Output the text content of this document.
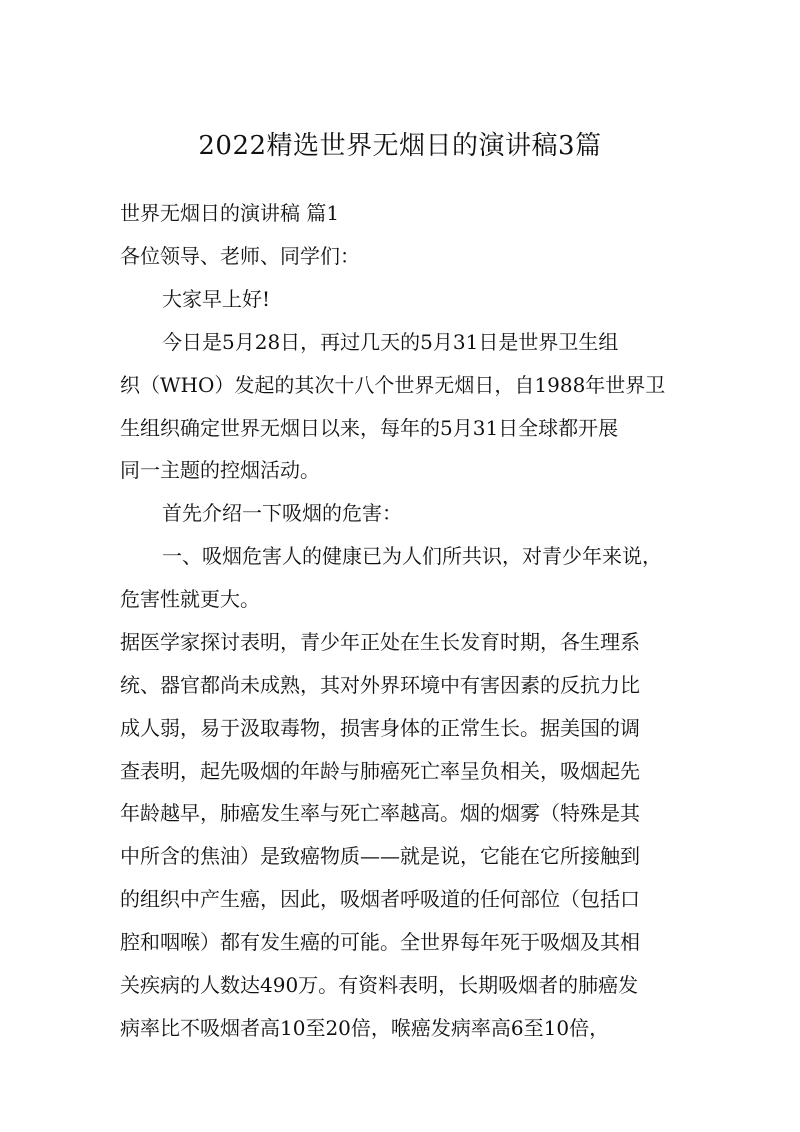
2022精选世界无烟日的演讲稿3篇
世界无烟日的演讲稿 篇1
各位领导、老师、同学们：
大家早上好!
今日是5月28日，再过几天的5月31日是世界卫生组
织（WHO）发起的其次十八个世界无烟日，自1988年世界卫
生组织确定世界无烟日以来，每年的5月31日全球都开展
同一主题的控烟活动。
首先介绍一下吸烟的危害：
一、吸烟危害人的健康已为人们所共识，对青少年来说，
危害性就更大。
据医学家探讨表明，青少年正处在生长发育时期，各生理系
统、器官都尚未成熟，其对外界环境中有害因素的反抗力比
成人弱，易于汲取毒物，损害身体的正常生长。据美国的调
查表明，起先吸烟的年龄与肺癌死亡率呈负相关，吸烟起先
年龄越早，肺癌发生率与死亡率越高。烟的烟雾（特殊是其
中所含的焦油）是致癌物质——就是说，它能在它所接触到
的组织中产生癌，因此，吸烟者呼吸道的任何部位（包括口
腔和咽喉）都有发生癌的可能。全世界每年死于吸烟及其相
关疾病的人数达490万。有资料表明，长期吸烟者的肺癌发
病率比不吸烟者高10至20倍，喉癌发病率高6至10倍，
